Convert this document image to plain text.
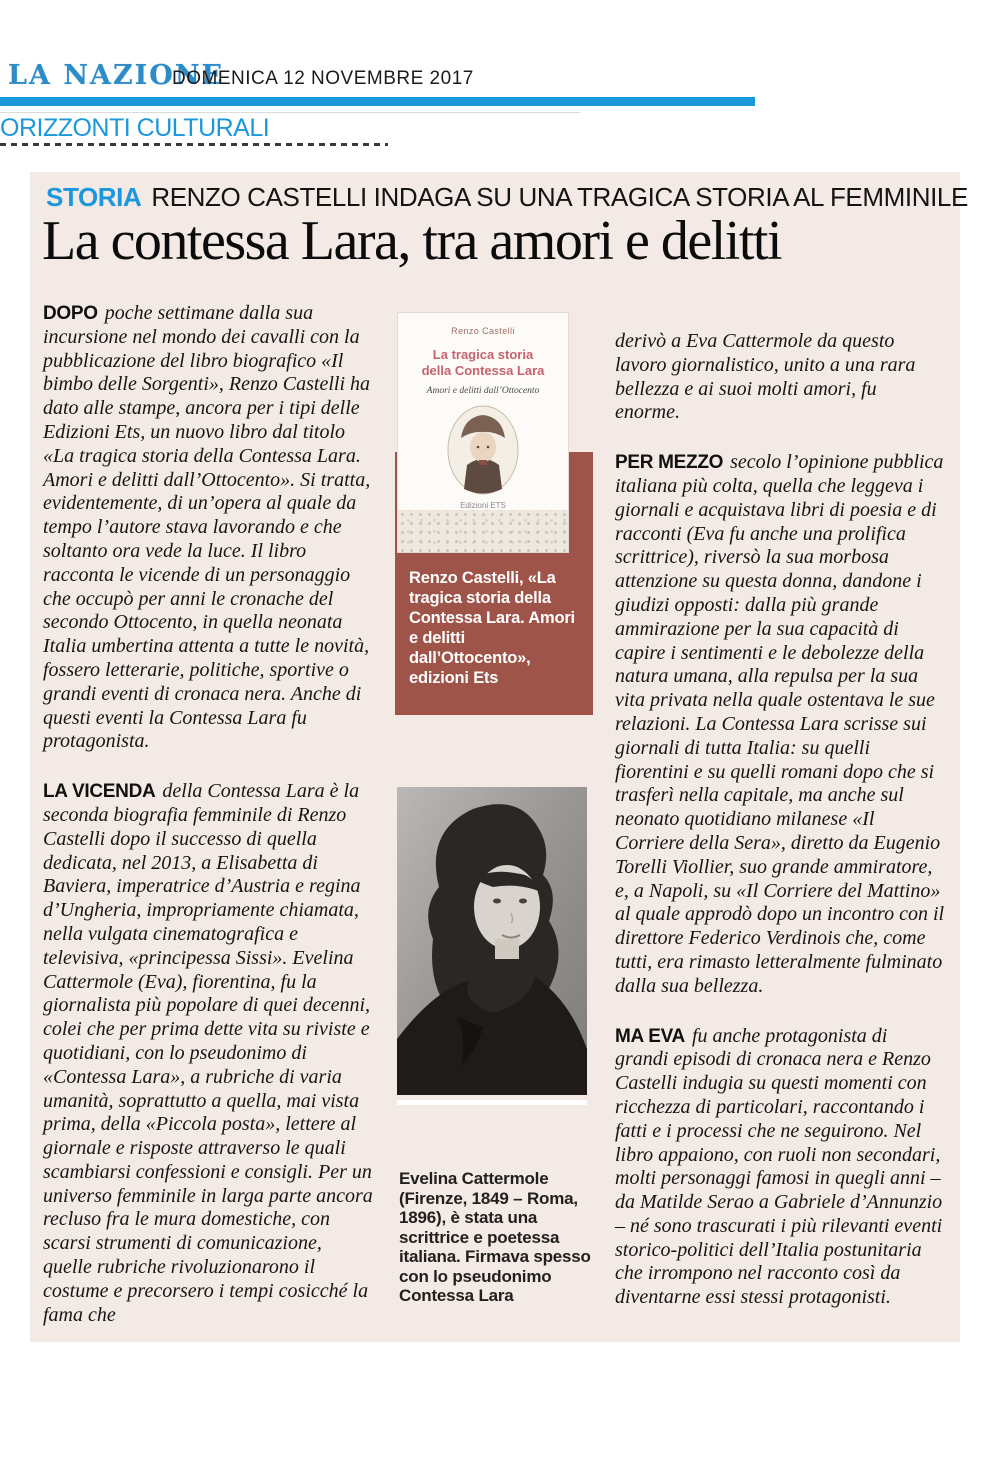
LA NAZIONE
DOMENICA 12 NOVEMBRE 2017
ORIZZONTI CULTURALI
STORIA RENZO CASTELLI INDAGA SU UNA TRAGICA STORIA AL FEMMINILE
La contessa Lara, tra amori e delitti

DOPO poche settimane dalla sua incursione nel mondo dei cavalli con la pubblicazione del libro biografico «Il bimbo delle Sorgenti», Renzo Castelli ha dato alle stampe, ancora per i tipi delle Edizioni Ets, un nuovo libro dal titolo «La tragica storia della Contessa Lara. Amori e delitti dall’Ottocento». Si tratta, evidentemente, di un’opera al quale da tempo l’autore stava lavorando e che soltanto ora vede la luce. Il libro racconta le vicende di un personaggio che occupò per anni le cronache del secondo Ottocento, in quella neonata Italia umbertina attenta a tutte le novità, fossero letterarie, politiche, sportive o grandi eventi di cronaca nera. Anche di questi eventi la Contessa Lara fu protagonista.

LA VICENDA della Contessa Lara è la seconda biografia femminile di Renzo Castelli dopo il successo di quella dedicata, nel 2013, a Elisabetta di Baviera, imperatrice d’Austria e regina d’Ungheria, impropriamente chiamata, nella vulgata cinematografica e televisiva, «principessa Sissi». Evelina Cattermole (Eva), fiorentina, fu la giornalista più popolare di quei decenni, colei che per prima dette vita su riviste e quotidiani, con lo pseudonimo di «Contessa Lara», a rubriche di varia umanità, soprattutto a quella, mai vista prima, della «Piccola posta», lettere al giornale e risposte attraverso le quali scambiarsi confessioni e consigli. Per un universo femminile in larga parte ancora recluso fra le mura domestiche, con scarsi strumenti di comunicazione, quelle rubriche rivoluzionarono il costume e precorsero i tempi cosicché la fama che

Renzo Castelli, «La tragica storia della Contessa Lara. Amori e delitti dall’Ottocento», edizioni Ets
Renzo Castelli
La tragica storia
della Contessa Lara
Amori e delitti dall’Ottocento
Edizioni ETS
Evelina Cattermole (Firenze, 1849 – Roma, 1896), è stata una scrittrice e poetessa italiana. Firmava spesso con lo pseudonimo Contessa Lara

derivò a Eva Cattermole da questo lavoro giornalistico, unito a una rara bellezza e ai suoi molti amori, fu enorme.

PER MEZZO secolo l’opinione pubblica italiana più colta, quella che leggeva i giornali e acquistava libri di poesia e di racconti (Eva fu anche una prolifica scrittrice), riversò la sua morbosa attenzione su questa donna, dandone i giudizi opposti: dalla più grande ammirazione per la sua capacità di capire i sentimenti e le debolezze della natura umana, alla repulsa per la sua vita privata nella quale ostentava le sue relazioni. La Contessa Lara scrisse sui giornali di tutta Italia: su quelli fiorentini e su quelli romani dopo che si trasferì nella capitale, ma anche sul neonato quotidiano milanese «Il Corriere della Sera», diretto da Eugenio Torelli Viollier, suo grande ammiratore, e, a Napoli, su «Il Corriere del Mattino» al quale approdò dopo un incontro con il direttore Federico Verdinois che, come tutti, era rimasto letteralmente fulminato dalla sua bellezza.

MA EVA fu anche protagonista di grandi episodi di cronaca nera e Renzo Castelli indugia su questi momenti con ricchezza di particolari, raccontando i fatti e i processi che ne seguirono. Nel libro appaiono, con ruoli non secondari, molti personaggi famosi in quegli anni – da Matilde Serao a Gabriele d’Annunzio – né sono trascurati i più rilevanti eventi storico-politici dell’Italia postunitaria che irrompono nel racconto così da diventarne essi stessi protagonisti.
